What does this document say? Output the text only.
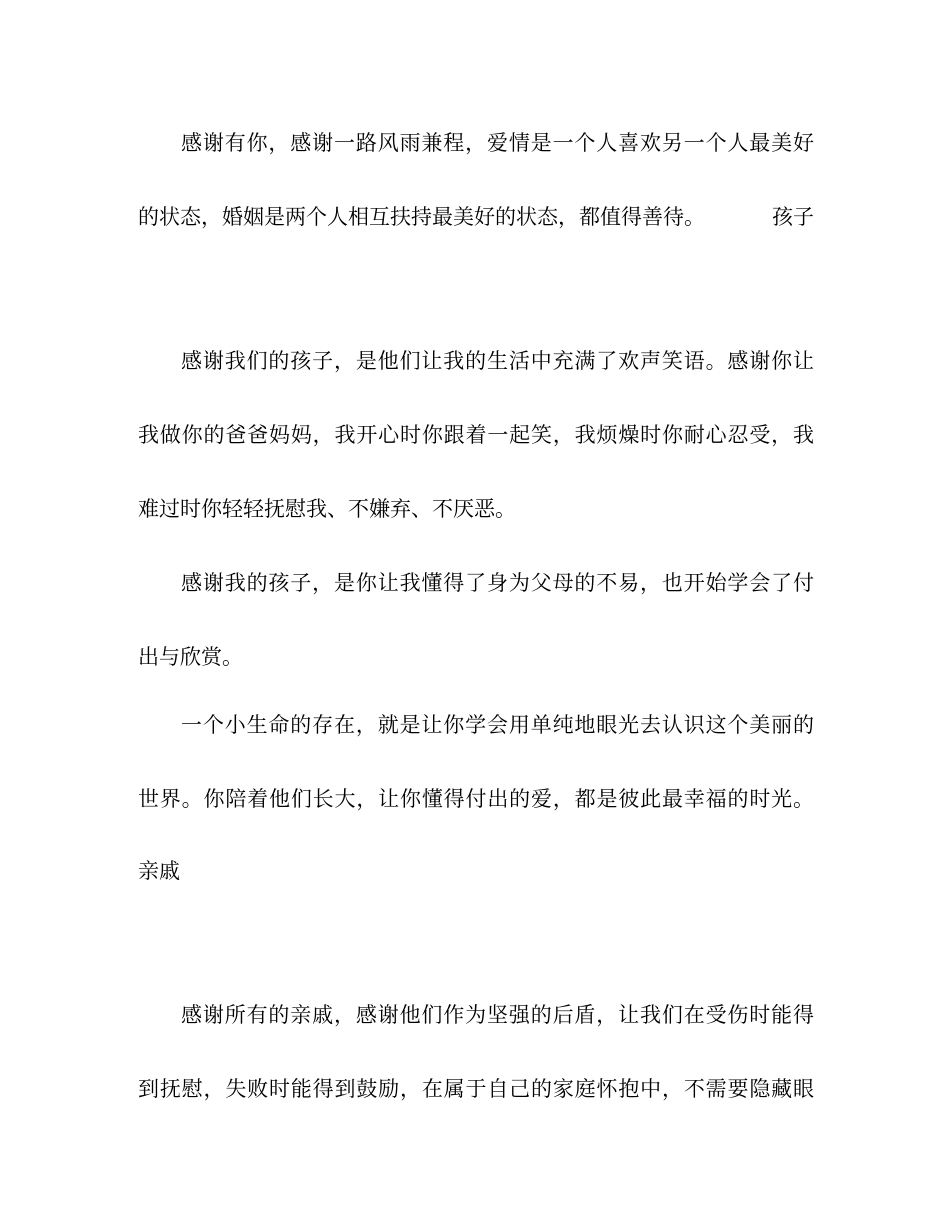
感谢有你，感谢一路风雨兼程，爱情是一个人喜欢另一个人最美好
的状态，婚姻是两个人相互扶持最美好的状态，都值得善待。	孩子
感谢我们的孩子，是他们让我的生活中充满了欢声笑语。感谢你让
我做你的爸爸妈妈，我开心时你跟着一起笑，我烦燥时你耐心忍受，我
难过时你轻轻抚慰我、不嫌弃、不厌恶。
感谢我的孩子，是你让我懂得了身为父母的不易，也开始学会了付
出与欣赏。
一个小生命的存在，就是让你学会用单纯地眼光去认识这个美丽的
世界。你陪着他们长大，让你懂得付出的爱，都是彼此最幸福的时光。
亲戚
感谢所有的亲戚，感谢他们作为坚强的后盾，让我们在受伤时能得
到抚慰，失败时能得到鼓励，在属于自己的家庭怀抱中，不需要隐藏眼
